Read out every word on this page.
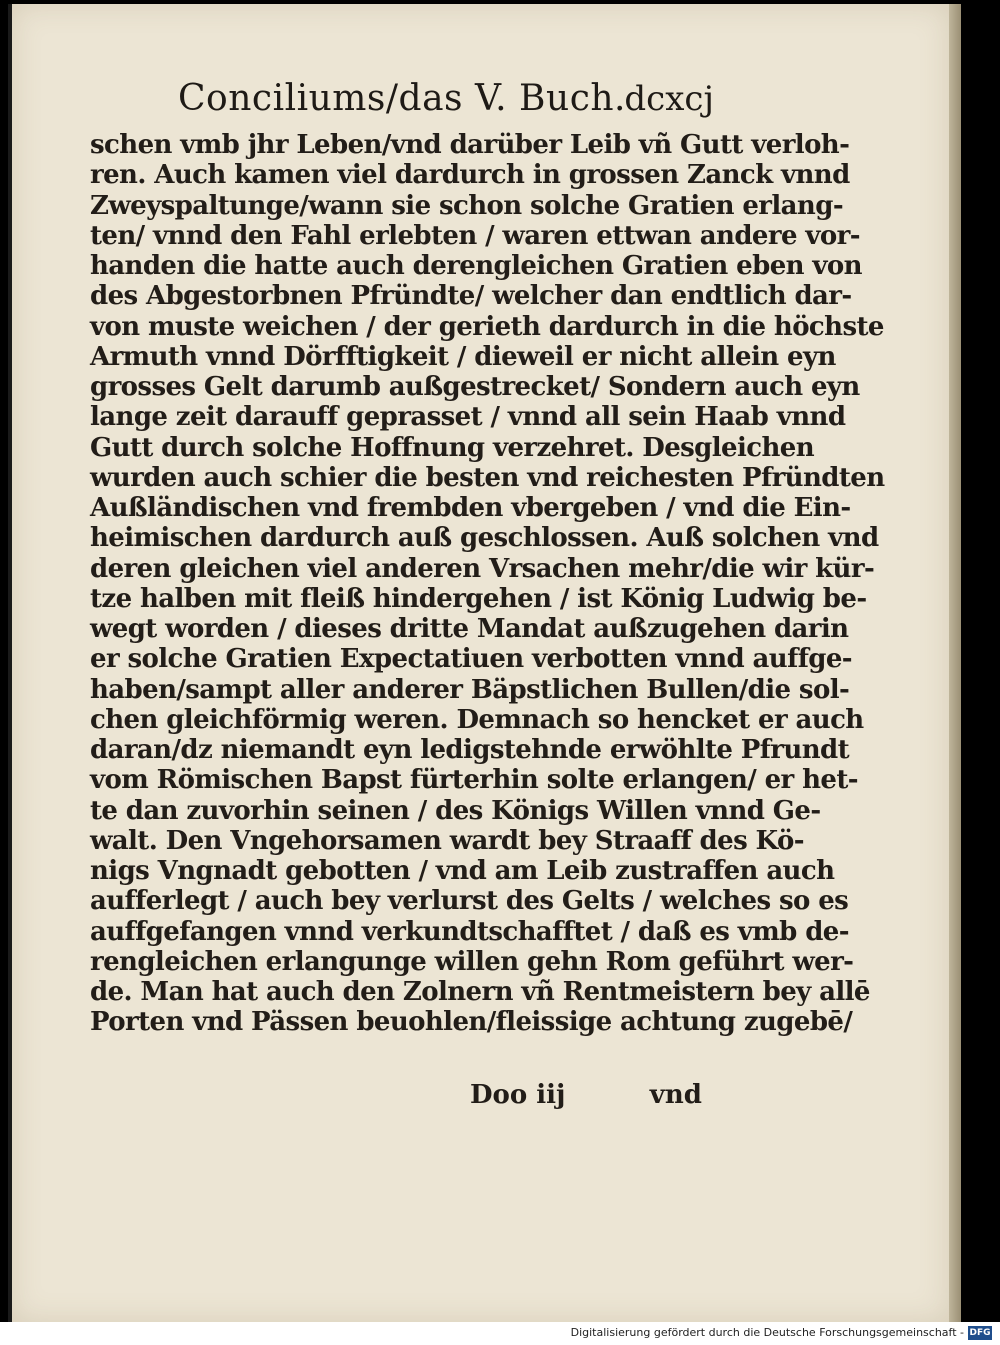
Conciliums/das V. Buch.
dcxcj
schen vmb jhr Leben/vnd darüber Leib vñ Gutt verloh-
ren. Auch kamen viel dardurch in grossen Zanck vnnd
Zweyspaltunge/wann sie schon solche Gratien erlang-
ten/ vnnd den Fahl erlebten / waren ettwan andere vor-
handen die hatte auch derengleichen Gratien eben von
des Abgestorbnen Pfründte/ welcher dan endtlich dar-
von muste weichen / der gerieth dardurch in die höchste
Armuth vnnd Dörfftigkeit / dieweil er nicht allein eyn
grosses Gelt darumb außgestrecket/ Sondern auch eyn
lange zeit darauff geprasset / vnnd all sein Haab vnnd
Gutt durch solche Hoffnung verzehret. Desgleichen
wurden auch schier die besten vnd reichesten Pfründten
Außländischen vnd frembden vbergeben / vnd die Ein-
heimischen dardurch auß geschlossen. Auß solchen vnd
deren gleichen viel anderen Vrsachen mehr/die wir kür-
tze halben mit fleiß hindergehen / ist König Ludwig be-
wegt worden / dieses dritte Mandat außzugehen darin
er solche Gratien Expectatiuen verbotten vnnd auffge-
haben/sampt aller anderer Bäpstlichen Bullen/die sol-
chen gleichförmig weren. Demnach so hencket er auch
daran/dz niemandt eyn ledigstehnde erwöhlte Pfrundt
vom Römischen Bapst fürterhin solte erlangen/ er het-
te dan zuvorhin seinen / des Königs Willen vnnd Ge-
walt. Den Vngehorsamen wardt bey Straaff des Kö-
nigs Vngnadt gebotten / vnd am Leib zustraffen auch
aufferlegt / auch bey verlurst des Gelts / welches so es
auffgefangen vnnd verkundtschafftet / daß es vmb de-
rengleichen erlangunge willen gehn Rom geführt wer-
de. Man hat auch den Zolnern vñ Rentmeistern bey allē
Porten vnd Pässen beuohlen/fleissige achtung zugebē/
Doo iij	vnd
Digitalisierung gefördert durch die Deutsche Forschungsgemeinschaft - DFG
